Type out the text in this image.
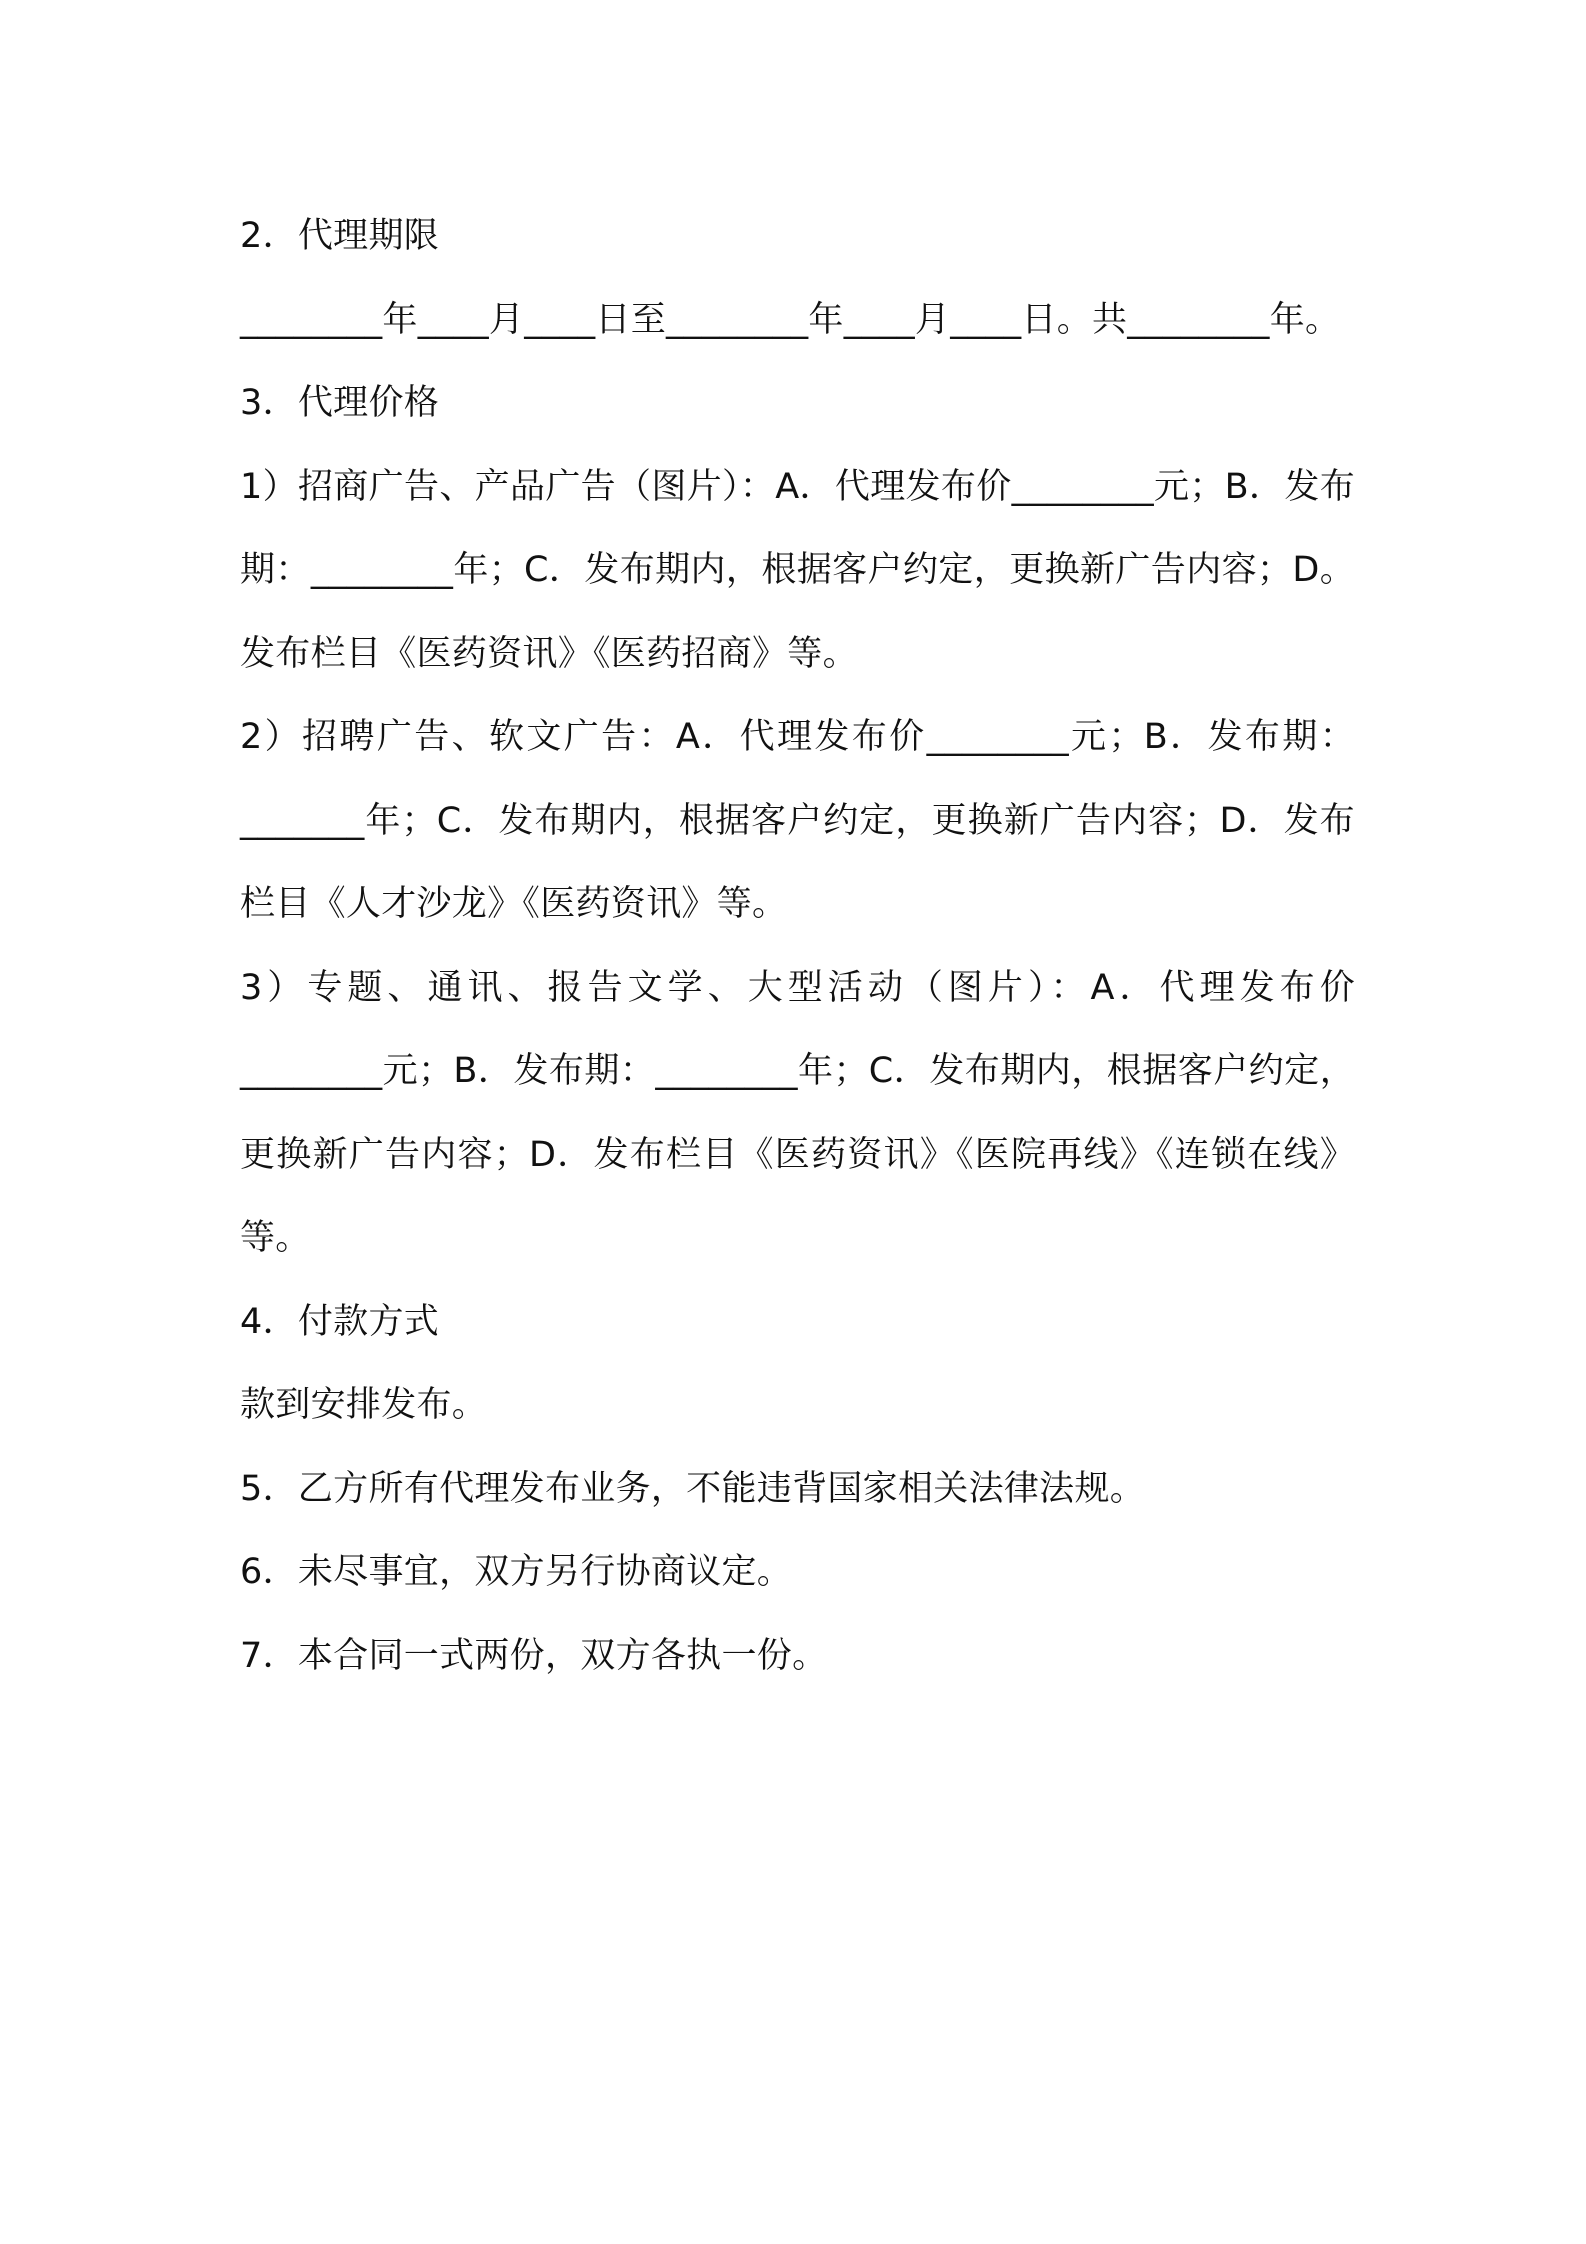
2．代理期限

________年____月____日至________年____月____日。共________年。

3．代理价格

1）招商广告、产品广告（图片）：A．代理发布价________元；B．发布期：________年；C．发布期内，根据客户约定，更换新广告内容；D。发布栏目《医药资讯》《医药招商》等。

2）招聘广告、软文广告：A．代理发布价________元；B．发布期：_______年；C．发布期内，根据客户约定，更换新广告内容；D．发布栏目《人才沙龙》《医药资讯》等。

3）专题、通讯、报告文学、大型活动（图片）：A．代理发布价________元；B．发布期：________年；C．发布期内，根据客户约定，更换新广告内容；D．发布栏目《医药资讯》《医院再线》《连锁在线》等。

4．付款方式

款到安排发布。

5．乙方所有代理发布业务，不能违背国家相关法律法规。

6．未尽事宜，双方另行协商议定。

7．本合同一式两份，双方各执一份。
